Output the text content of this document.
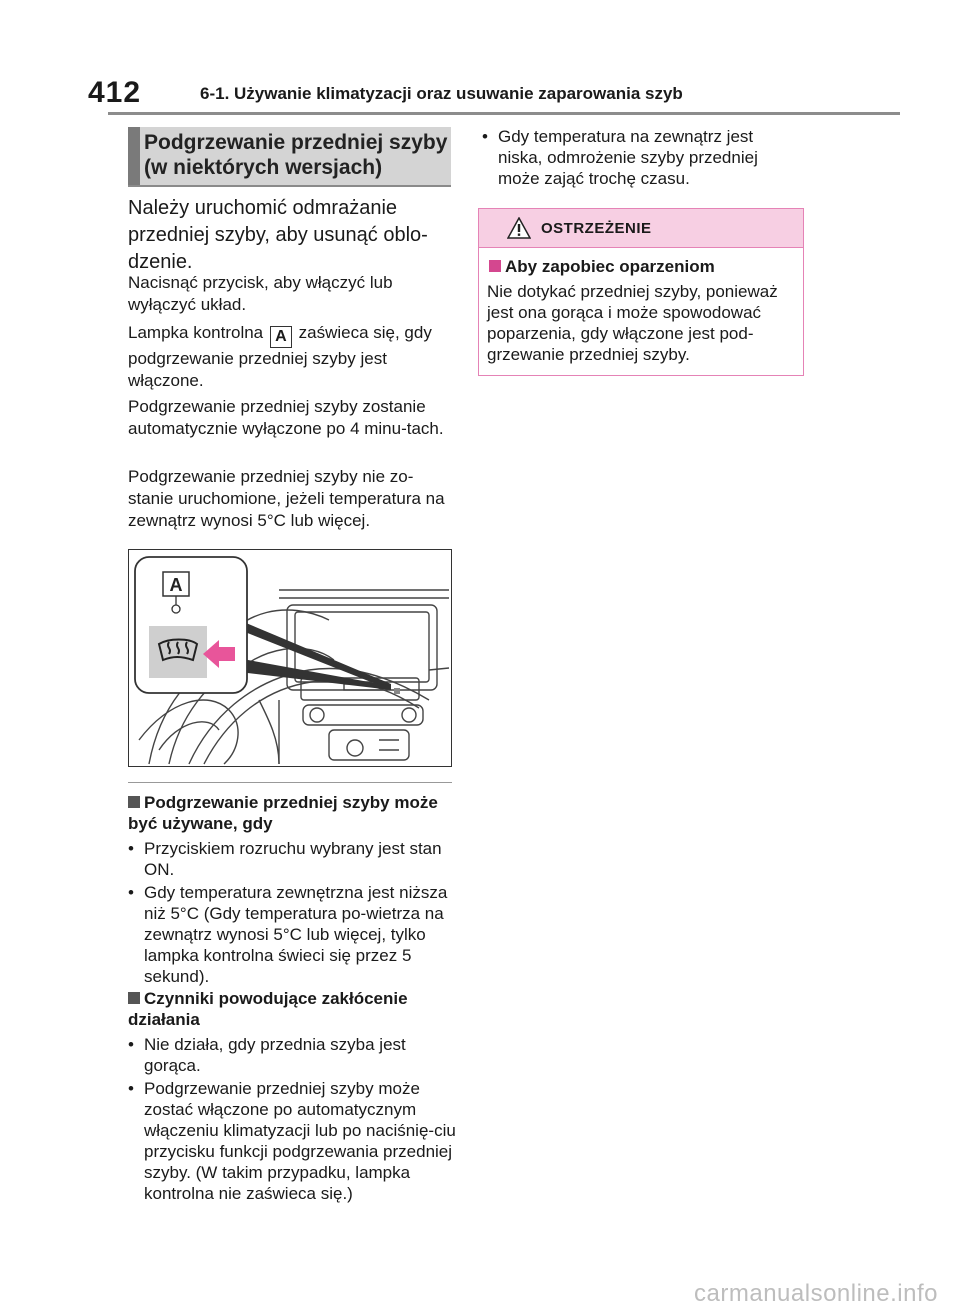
412	6-1. Używanie klimatyzacji oraz usuwanie zaparowania szyb
Podgrzewanie przedniej szyby
(w niektórych wersjach)
Należy uruchomić odmrażanie przedniej szyby, aby usunąć oblo-dzenie.
Nacisnąć przycisk, aby włączyć lub wyłączyć układ.
Lampka kontrolna A zaświeca się, gdy podgrzewanie przedniej szyby jest włączone.
Podgrzewanie przedniej szyby zostanie automatycznie wyłączone po 4 minu-tach.
Podgrzewanie przedniej szyby nie zo-stanie uruchomione, jeżeli temperatura na zewnątrz wynosi 5°C lub więcej.
A
Podgrzewanie przedniej szyby może być używane, gdy
• Przyciskiem rozruchu wybrany jest stan ON.
• Gdy temperatura zewnętrzna jest niższa niż 5°C (Gdy temperatura po-wietrza na zewnątrz wynosi 5°C lub więcej, tylko lampka kontrolna świeci się przez 5 sekund).
Czynniki powodujące zakłócenie działania
• Nie działa, gdy przednia szyba jest gorąca.
• Podgrzewanie przedniej szyby może zostać włączone po automatycznym włączeniu klimatyzacji lub po naciśnię-ciu przycisku funkcji podgrzewania przedniej szyby. (W takim przypadku, lampka kontrolna nie zaświeca się.)
• Gdy temperatura na zewnątrz jest niska, odmrożenie szyby przedniej może zająć trochę czasu.
OSTRZEŻENIE
Aby zapobiec oparzeniom
Nie dotykać przedniej szyby, ponieważ jest ona gorąca i może spowodować poparzenia, gdy włączone jest pod-grzewanie przedniej szyby.
carmanualsonline.info
